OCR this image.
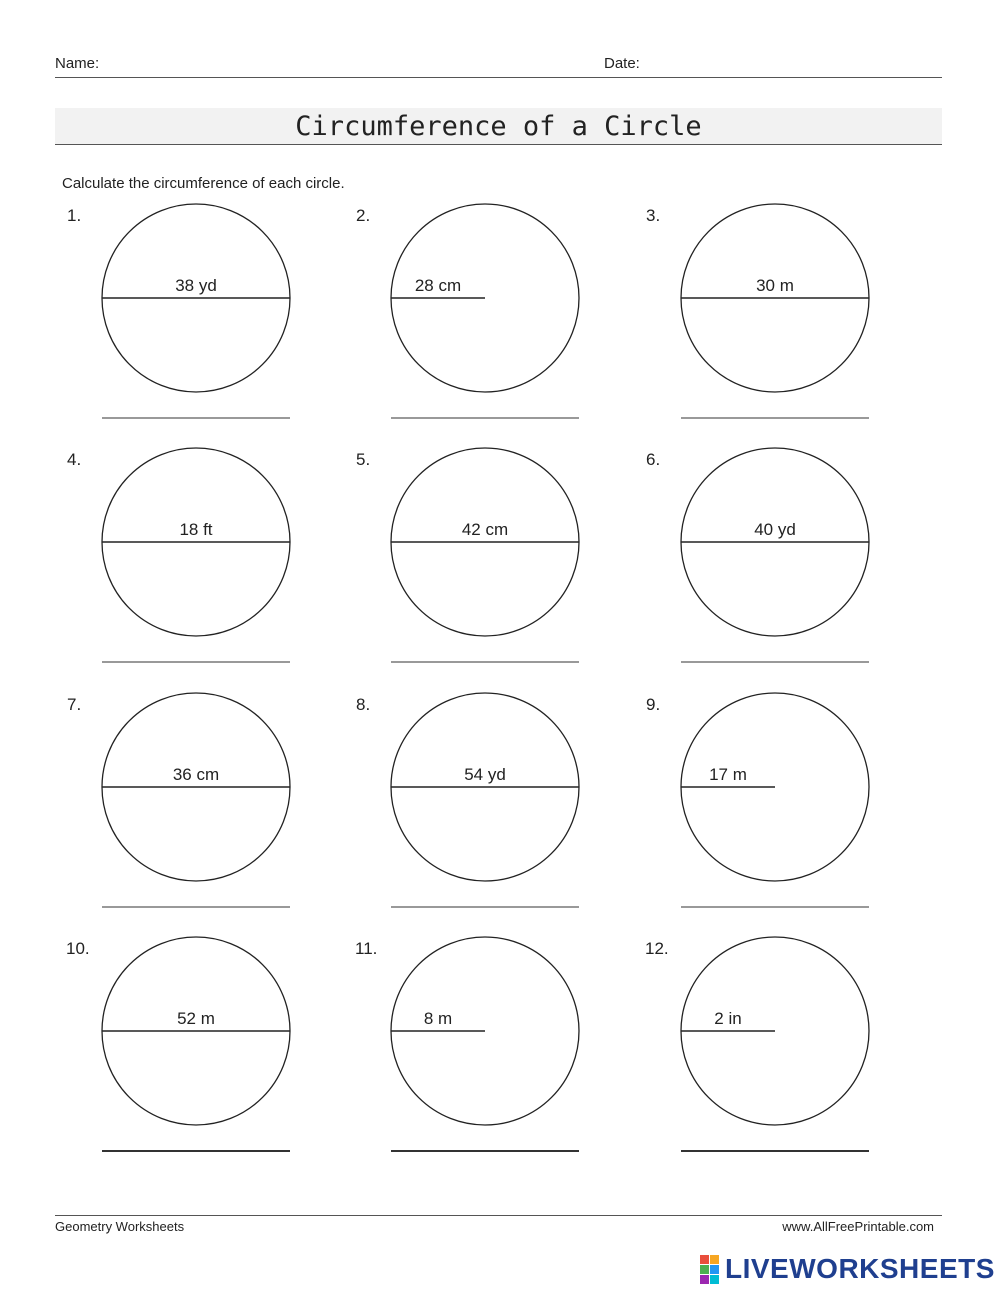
Name:	Date:
Circumference of a Circle
Calculate the circumference of each circle.
1.
38 yd
2.
28 cm
3.
30 m
4.
18 ft
5.
42 cm
6.
40 yd
7.
36 cm
8.
54 yd
9.
17 m
10.
52 m
11.
8 m
12.
2 in
Geometry Worksheets	www.AllFreePrintable.com
LIVEWORKSHEETS
